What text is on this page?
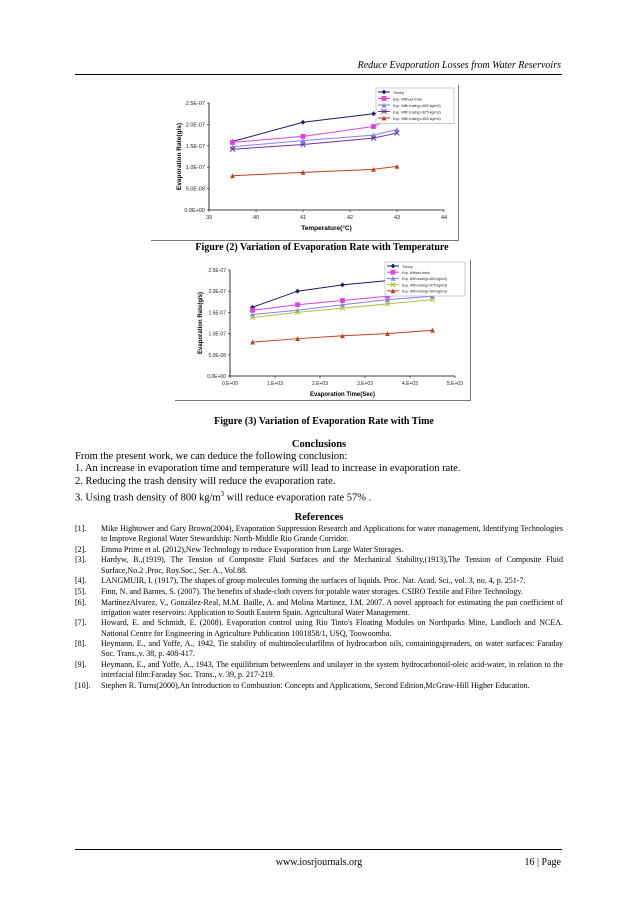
Reduce Evaporation Losses from Water Reservoirs
0.0E+00
5.0E-08
1.0E-07
1.5E-07
2.0E-07
2.5E-07
39	40	41	42	43	44
Temperature(°C)
Evaporation Rate(g/s)
Theory
Exp. Without trash
Exp. With trash(ρ=800 kg/m3)
Exp. With trash(ρ=875 kg/m3)
Exp. With trash(ρ=800 kg/m3)
Figure (2) Variation of Evaporation Rate with Temperature
0.0E+00
5.0E-08
1.0E-07
1.5E-07
2.0E-07
2.5E-07
0.E+00	1.E+03	2.E+03	3.E+03	4.E+03	5.E+03
Evaporation Time(Sec)
Evaporation Rate(g/s)
Theory
Exp. Without trash
Exp. With trash(ρ=800 kg/m3)
Exp. With trash(ρ=875 kg/m3)
Exp. With trash(ρ=800 kg/m3)
Figure (3) Variation of Evaporation Rate with Time
Conclusions
From the present work, we can deduce the following conclusion:
1. An increase in evaporation time and temperature will lead to increase in evaporation rate.
2. Reducing the trash density will reduce the evaporation rate.
3. Using trash density of 800 $kg/m^3$ will reduce evaporation rate 57% .
References
[1].	Mike Hightower and Gary Brown(2004), Evaporation Suppression Research and Applications for water management, Identifying Technologies to Improve Regional Water Stewardship: North-Middle Rio Grande Corridor.
[2].	Emma Prime et al. (2012),New Technology to reduce Evaporation from Large Water Storages.
[3].	Hardyw, B.,(1919), The Tension of Composite Fluid Surfaces and the Mechanical Stability,(1913),The Tension of Composite Fluid Surface,No.2 .Proc, Roy.Soc., Ser. A., Vol.88.
[4].	LANGMUIR, I. (1917), The shapes of group molecules forming the surfaces of liquids. Proc. Nat. Acad. Sci., vol. 3, no. 4, p. 251-7.
[5].	Finn, N. and Barnes, S. (2007). The benefits of shade-cloth covers for potable water storages. CSIRO Textile and Fibre Technology.
[6].	MartínezAlvarez, V., González-Real, M.M. Baille, A. and Molina Martinez, J.M. 2007. A novel approach for estimating the pan coefficient of irrigation water reservoirs: Application to South Eastern Spain. Agricultural Water Management.
[7].	Howard, E. and Schmidt, E. (2008). Evaporation control using Rio Tinto's Floating Modules on Northparks Mine, Landloch and NCEA. National Centre for Engineering in Agriculture Publication 1001858/1, USQ, Toowoomba.
[8].	Heymann, E., and Yoffe, A., 1942, Tie stability of multimolecularfilms of hydrocarbon oils, containingspreaders, on water surfaces: Faraday Soc. Trans.,v. 38, p. 408-417.
[9].	Heymann, E., and Yoffe, A., 1943, The equilibrium betweenlens and unilayer in the system hydrocarbonoil-oleic acid-water, in relation to the interfacial film:Faraday Soc. Trans., v. 39, p. 217-219.
[10].	Stephen R. Turns(2000),An Introduction to Combustion: Concepts and Applications, Second Edition,McGraw-Hill Higher Education.
www.iosrjournals.org	16 | Page
